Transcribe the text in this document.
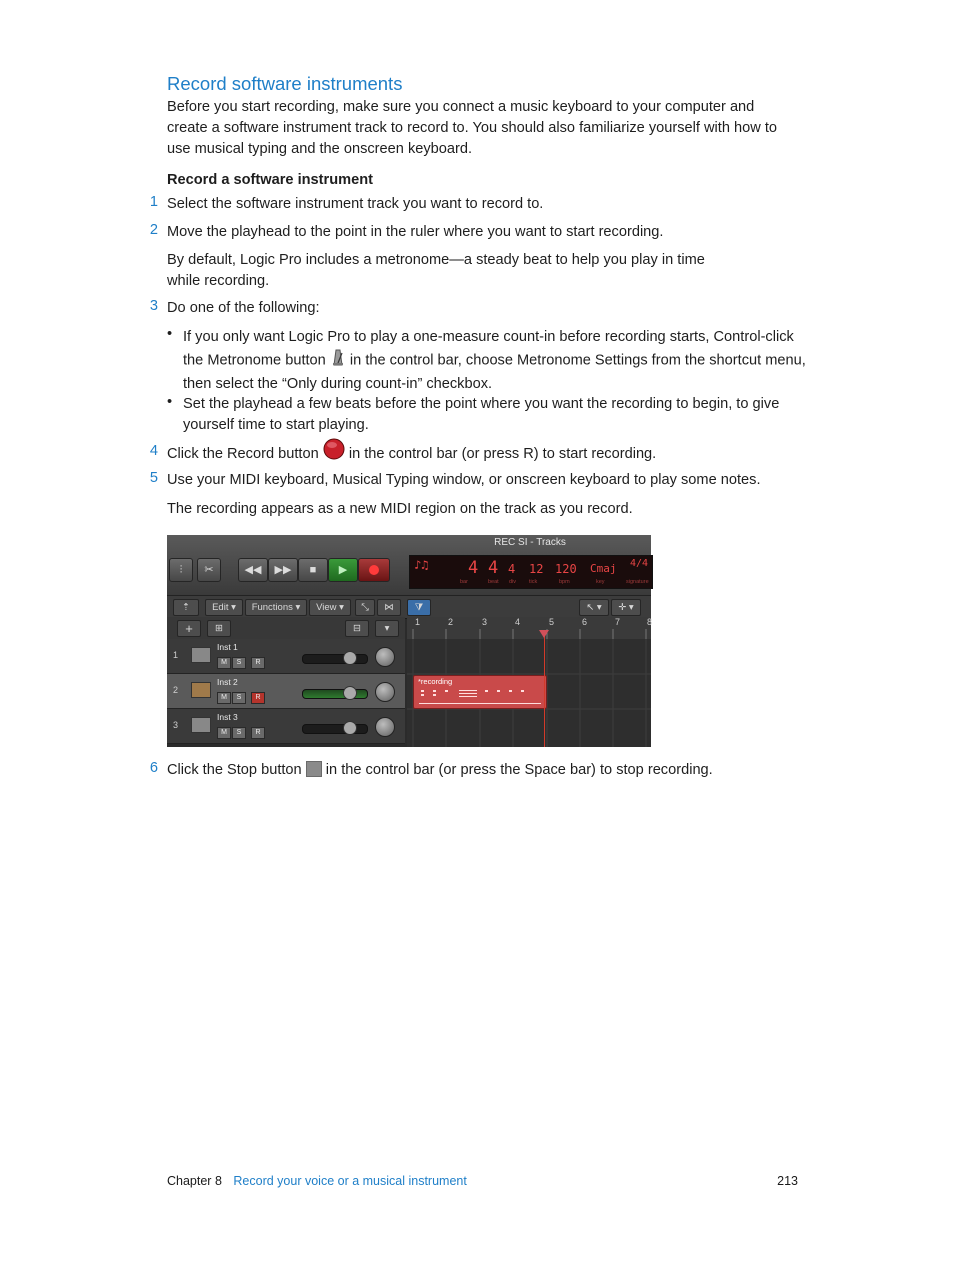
Record software instruments
Before you start recording, make sure you connect a music keyboard to your computer and create a software instrument track to record to. You should also familiarize yourself with how to use musical typing and the onscreen keyboard.
Record a software instrument
1 Select the software instrument track you want to record to.
2 Move the playhead to the point in the ruler where you want to start recording.
By default, Logic Pro includes a metronome—a steady beat to help you play in time while recording.
3 Do one of the following:
• If you only want Logic Pro to play a one-measure count-in before recording starts, Control-click the Metronome button in the control bar, choose Metronome Settings from the shortcut menu, then select the “Only during count-in” checkbox.
• Set the playhead a few beats before the point where you want the recording to begin, to give yourself time to start playing.
4 Click the Record button in the control bar (or press R) to start recording.
5 Use your MIDI keyboard, Musical Typing window, or onscreen keyboard to play some notes.
The recording appears as a new MIDI region on the track as you record.
⫶	✂	◀◀	▶▶	■	▶
REC SI - Tracks
♪♫ 4 4 4 12 120 Cmaj 4/4
bar	beat div tick	bpm	key	signature
⇡	Edit ▾	Functions ▾	View ▾	⤡	⋈	⧩	↖ ▾	✛ ▾
+	⊞	⊟	▾
1	2	3	4	5	6	7	8
1
Inst 1
M	S	R
2
Inst 2
M	S	R
3
Inst 3
M	S	R
*recording
6 Click the Stop button in the control bar (or press the Space bar) to stop recording.
Chapter 8 Record your voice or a musical instrument	213
